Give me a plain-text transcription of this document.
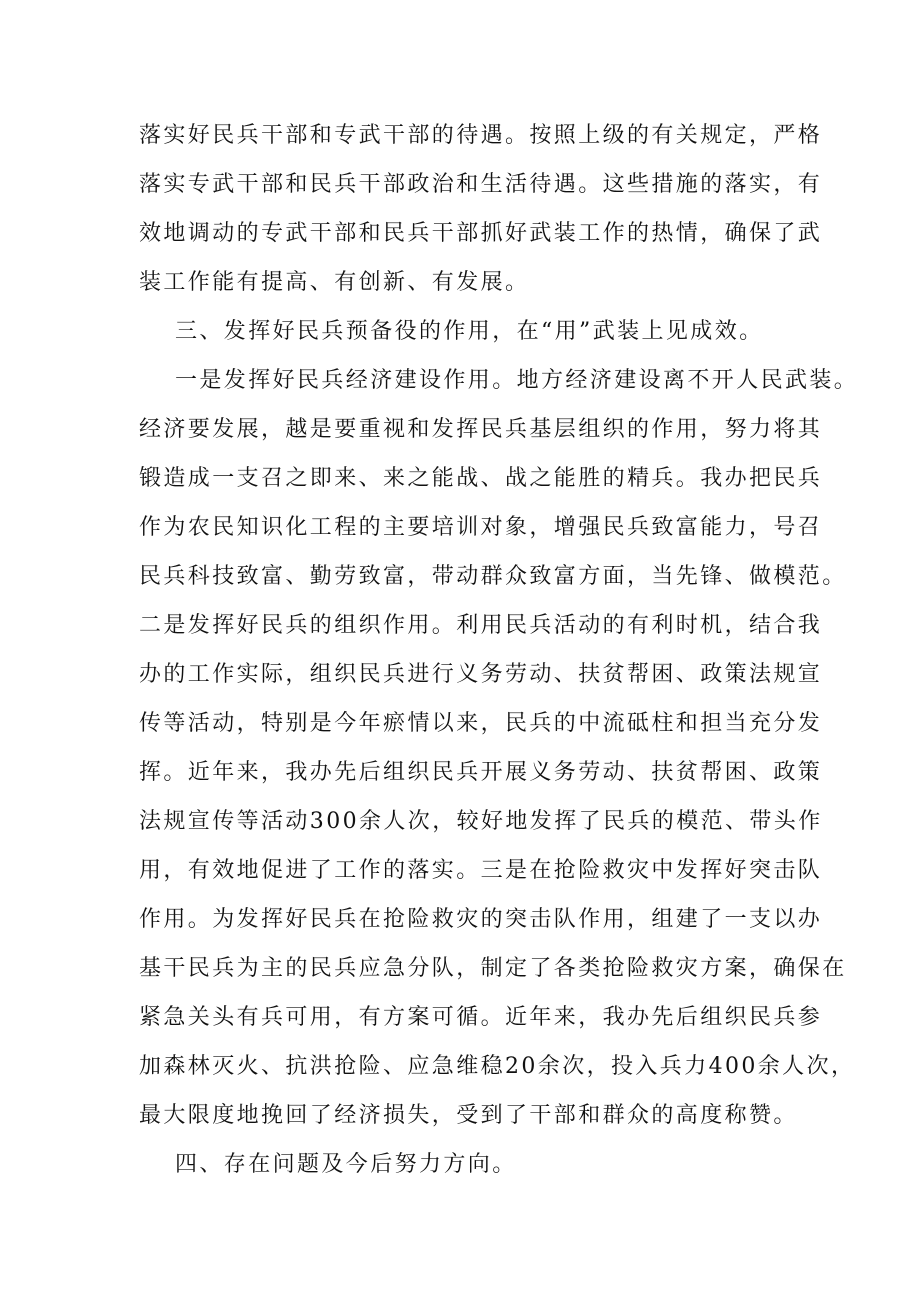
落实好民兵干部和专武干部的待遇。按照上级的有关规定，严格
落实专武干部和民兵干部政治和生活待遇。这些措施的落实，有
效地调动的专武干部和民兵干部抓好武装工作的热情，确保了武
装工作能有提高、有创新、有发展。
三、发挥好民兵预备役的作用，在“用”武装上见成效。
一是发挥好民兵经济建设作用。地方经济建设离不开人民武装。
经济要发展，越是要重视和发挥民兵基层组织的作用，努力将其
锻造成一支召之即来、来之能战、战之能胜的精兵。我办把民兵
作为农民知识化工程的主要培训对象，增强民兵致富能力，号召
民兵科技致富、勤劳致富，带动群众致富方面，当先锋、做模范。
二是发挥好民兵的组织作用。利用民兵活动的有利时机，结合我
办的工作实际，组织民兵进行义务劳动、扶贫帮困、政策法规宣
传等活动，特别是今年瘀情以来，民兵的中流砥柱和担当充分发
挥。近年来，我办先后组织民兵开展义务劳动、扶贫帮困、政策
法规宣传等活动300余人次，较好地发挥了民兵的模范、带头作
用，有效地促进了工作的落实。三是在抢险救灾中发挥好突击队
作用。为发挥好民兵在抢险救灾的突击队作用，组建了一支以办
基干民兵为主的民兵应急分队，制定了各类抢险救灾方案，确保在
紧急关头有兵可用，有方案可循。近年来，我办先后组织民兵参
加森林灭火、抗洪抢险、应急维稳20余次，投入兵力400余人次，
最大限度地挽回了经济损失，受到了干部和群众的高度称赞。
四、存在问题及今后努力方向。
